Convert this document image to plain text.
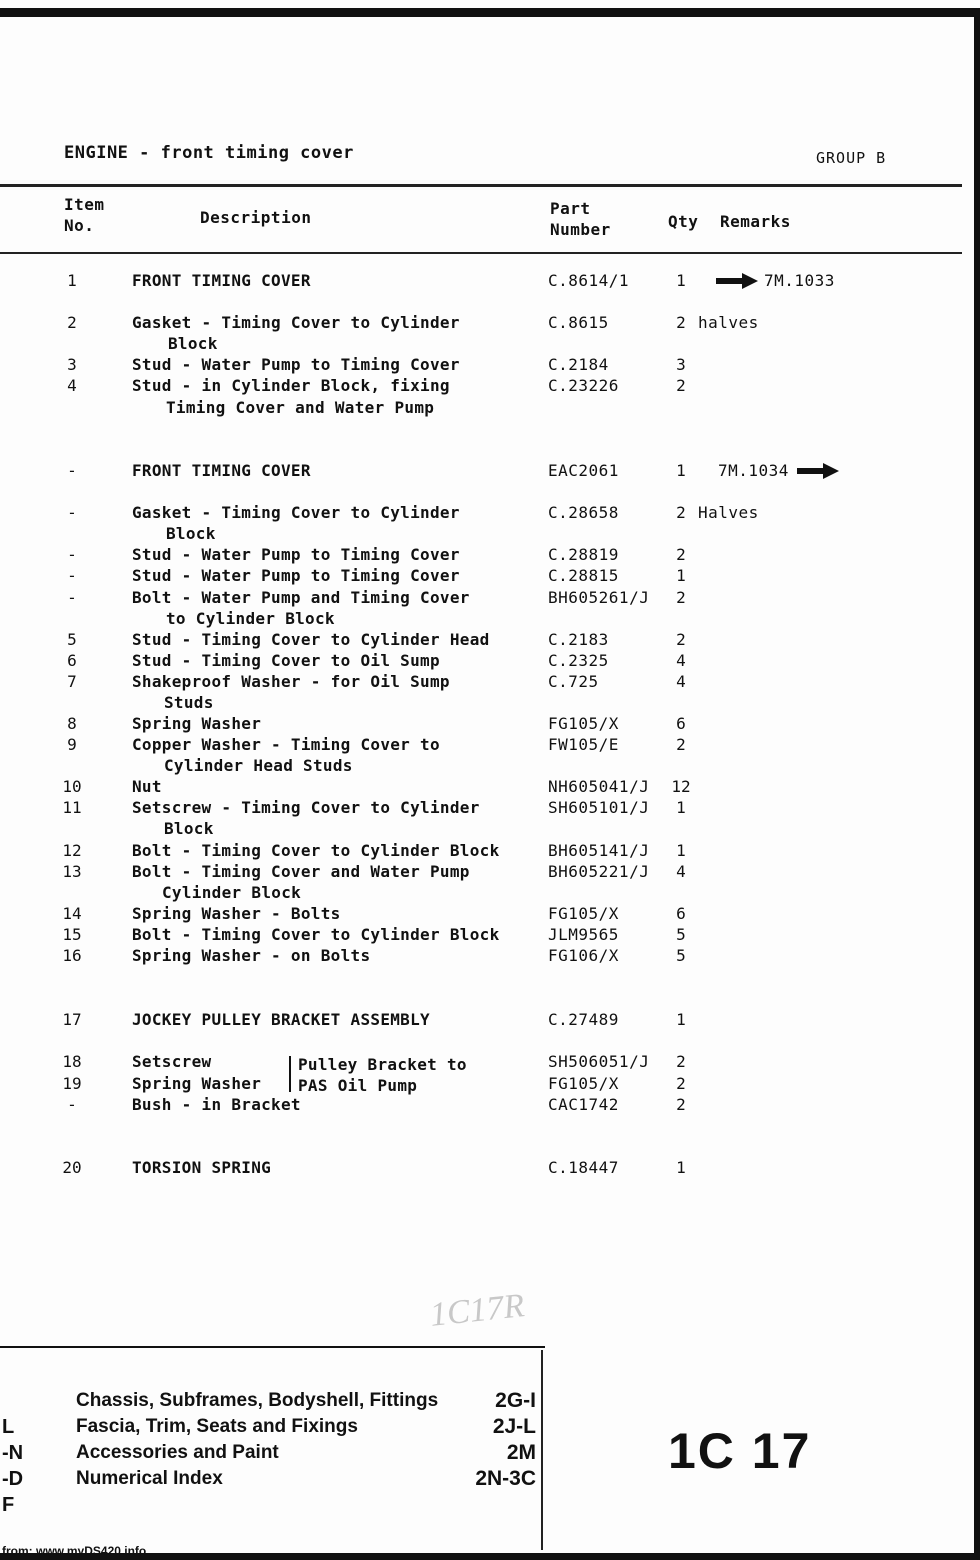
ENGINE - front timing cover	GROUP B
Item
No.	Description	Part
Number	Qty Remarks
1	FRONT TIMING COVER	C.8614/1	1	7M.1033
2	Gasket - Timing Cover to Cylinder	C.8615	2 halves
Block
3	Stud - Water Pump to Timing Cover	C.2184	3
4	Stud - in Cylinder Block, fixing	C.23226	2
Timing Cover and Water Pump
-	FRONT TIMING COVER	EAC2061	1	7M.1034
-	Gasket - Timing Cover to Cylinder	C.28658	2 Halves
Block
-	Stud - Water Pump to Timing Cover	C.28819	2
-	Stud - Water Pump to Timing Cover	C.28815	1
-	Bolt - Water Pump and Timing Cover	BH605261/J	2
to Cylinder Block
5	Stud - Timing Cover to Cylinder Head	C.2183	2
6	Stud - Timing Cover to Oil Sump	C.2325	4
7	Shakeproof Washer - for Oil Sump	C.725	4
Studs
8	Spring Washer	FG105/X	6
9	Copper Washer - Timing Cover to	FW105/E	2
Cylinder Head Studs
10	Nut	NH605041/J 12
11	Setscrew - Timing Cover to Cylinder	SH605101/J	1
Block
12	Bolt - Timing Cover to Cylinder Block	BH605141/J	1
13	Bolt - Timing Cover and Water Pump	BH605221/J	4
Cylinder Block
14	Spring Washer - Bolts	FG105/X	6
15	Bolt - Timing Cover to Cylinder Block	JLM9565	5
16	Spring Washer - on Bolts	FG106/X	5
17	JOCKEY PULLEY BRACKET ASSEMBLY	C.27489	1
18	Setscrew	SH506051/J	2
19	Spring Washer	FG105/X	2
-	Bush - in Bracket	CAC1742	2
20	TORSION SPRING	C.18447	1
Pulley Bracket to
PAS Oil Pump
1C17R
Chassis, Subframes, Bodyshell, Fittings	2G-I
Fascia, Trim, Seats and Fixings	2J-L
Accessories and Paint	2M
Numerical Index	2N-3C
L
-N
-D
F
1C 17
from: www.myDS420.info
